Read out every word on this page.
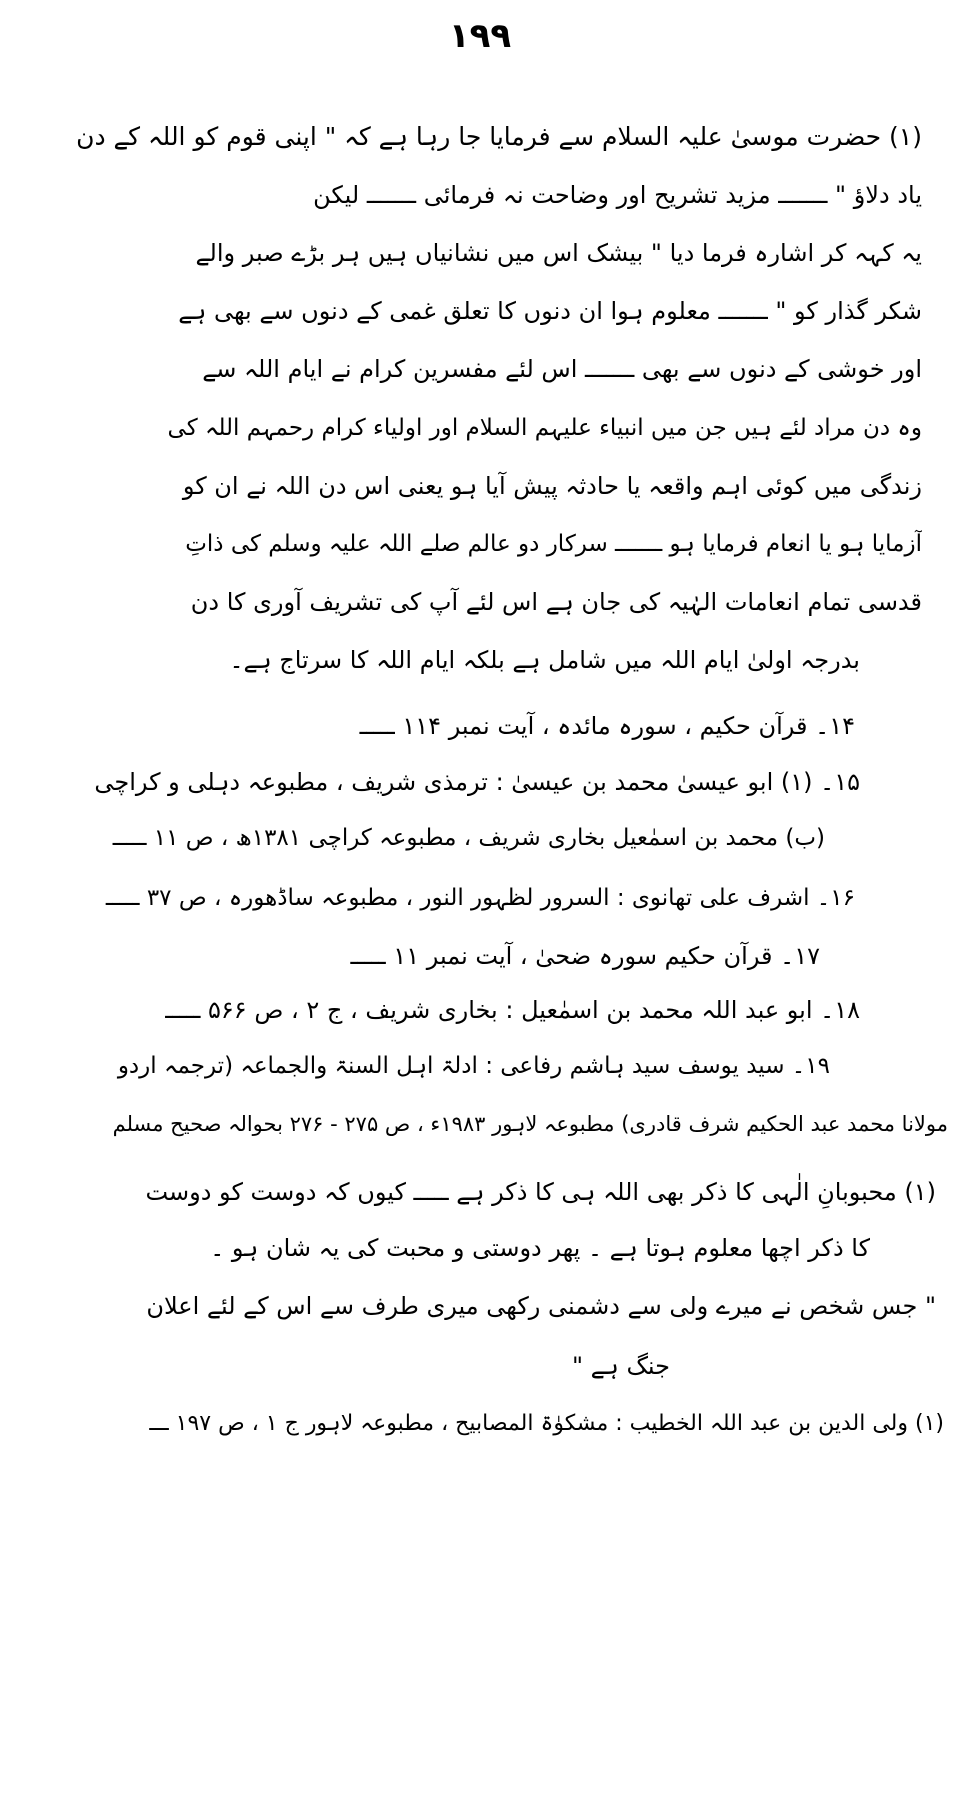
۱۹۹
(۱) حضرت موسیٰ علیہ السلام سے فرمایا جا رہا ہے کہ " اپنی قوم کو اللہ کے دن
یاد دلاؤ " ـــــــ مزید تشریح اور وضاحت نہ فرمائی ـــــــ لیکن
یہ کہہ کر اشارہ فرما دیا " بیشک اس میں نشانیاں ہیں ہر بڑے صبر والے
شکر گذار کو " ـــــــ معلوم ہوا ان دنوں کا تعلق غمی کے دنوں سے بھی ہے
اور خوشی کے دنوں سے بھی ـــــــ اس لئے مفسرین کرام نے ایام اللہ سے
وہ دن مراد لئے ہیں جن میں انبیاء علیہم السلام اور اولیاء کرام رحمہم اللہ کی
زندگی میں کوئی اہم واقعہ یا حادثہ پیش آیا ہو یعنی اس دن اللہ نے ان کو
آزمایا ہو یا انعام فرمایا ہو ـــــــ سرکار دو عالم صلے اللہ علیہ وسلم کی ذاتِ
قدسی تمام انعامات الہٰیہ کی جان ہے اس لئے آپ کی تشریف آوری کا دن
بدرجہ اولیٰ ایام اللہ میں شامل ہے بلکہ ایام اللہ کا سرتاج ہے۔
۱۴۔ قرآن حکیم ، سورہ مائدہ ، آیت نمبر ۱۱۴ ـــــ
۱۵۔ (۱) ابو عیسیٰ محمد بن عیسیٰ : ترمذی شریف ، مطبوعہ دہلی و کراچی
(ب) محمد بن اسمٰعیل بخاری شریف ، مطبوعہ کراچی ۱۳۸۱ھ ، ص ۱۱ ـــــ
۱۶۔ اشرف علی تھانوی : السرور لظہور النور ، مطبوعہ ساڈھورہ ، ص ۳۷ ـــــ
۱۷۔ قرآن حکیم سورہ ضحیٰ ، آیت نمبر ۱۱ ـــــ
۱۸۔ ابو عبد اللہ محمد بن اسمٰعیل : بخاری شریف ، ج ۲ ، ص ۵۶۶ ـــــ
۱۹۔ سید یوسف سید ہاشم رفاعی : ادلۃ اہل السنۃ والجماعہ (ترجمہ اردو
مولانا محمد عبد الحکیم شرف قادری) مطبوعہ لاہور ۱۹۸۳ء ، ص ۲۷۵ - ۲۷۶ بحوالہ صحیح مسلم
(۱) محبوبانِ الٰہی کا ذکر بھی اللہ ہی کا ذکر ہے ـــــ کیوں کہ دوست کو دوست
کا ذکر اچھا معلوم ہوتا ہے ۔ پھر دوستی و محبت کی یہ شان ہو ۔
" جس شخص نے میرے ولی سے دشمنی رکھی میری طرف سے اس کے لئے اعلان
جنگ ہے "
(۱) ولی الدین بن عبد اللہ الخطیب : مشکوٰۃ المصابیح ، مطبوعہ لاہور ج ۱ ، ص ۱۹۷ ـــ
